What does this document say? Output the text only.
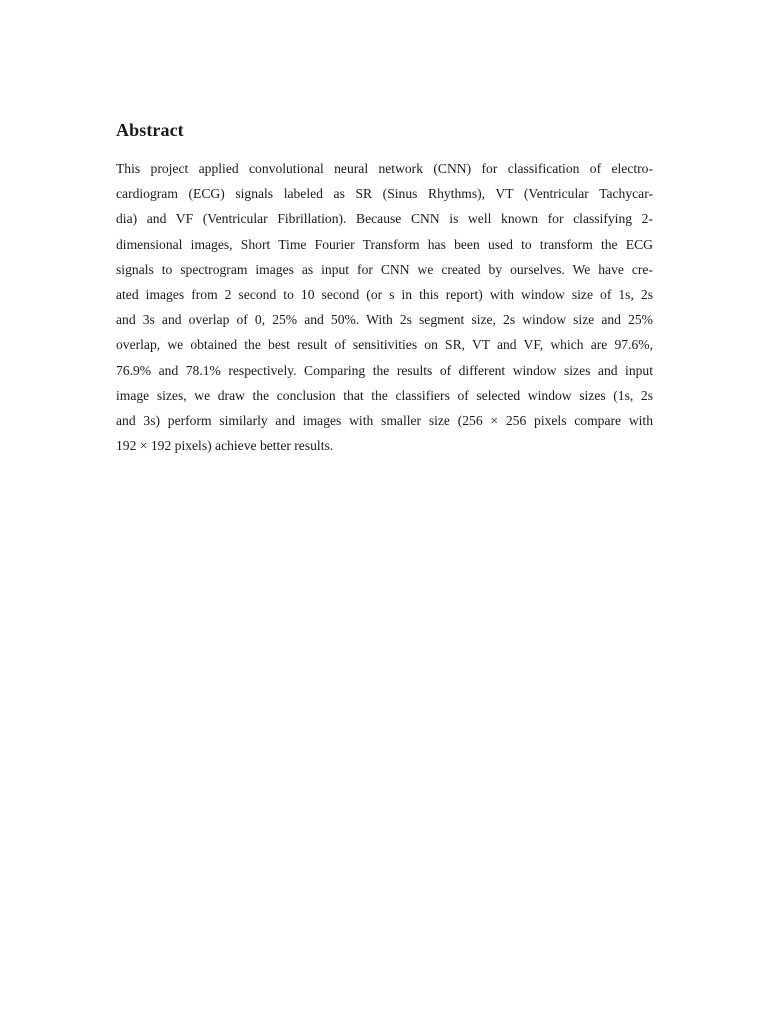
Abstract
This project applied convolutional neural network (CNN) for classification of electro-
cardiogram (ECG) signals labeled as SR (Sinus Rhythms), VT (Ventricular Tachycar-
dia) and VF (Ventricular Fibrillation). Because CNN is well known for classifying 2-
dimensional images, Short Time Fourier Transform has been used to transform the ECG
signals to spectrogram images as input for CNN we created by ourselves. We have cre-
ated images from 2 second to 10 second (or s in this report) with window size of 1s, 2s
and 3s and overlap of 0, 25% and 50%. With 2s segment size, 2s window size and 25%
overlap, we obtained the best result of sensitivities on SR, VT and VF, which are 97.6%,
76.9% and 78.1% respectively. Comparing the results of different window sizes and input
image sizes, we draw the conclusion that the classifiers of selected window sizes (1s, 2s
and 3s) perform similarly and images with smaller size (256 × 256 pixels compare with
192 × 192 pixels) achieve better results.
